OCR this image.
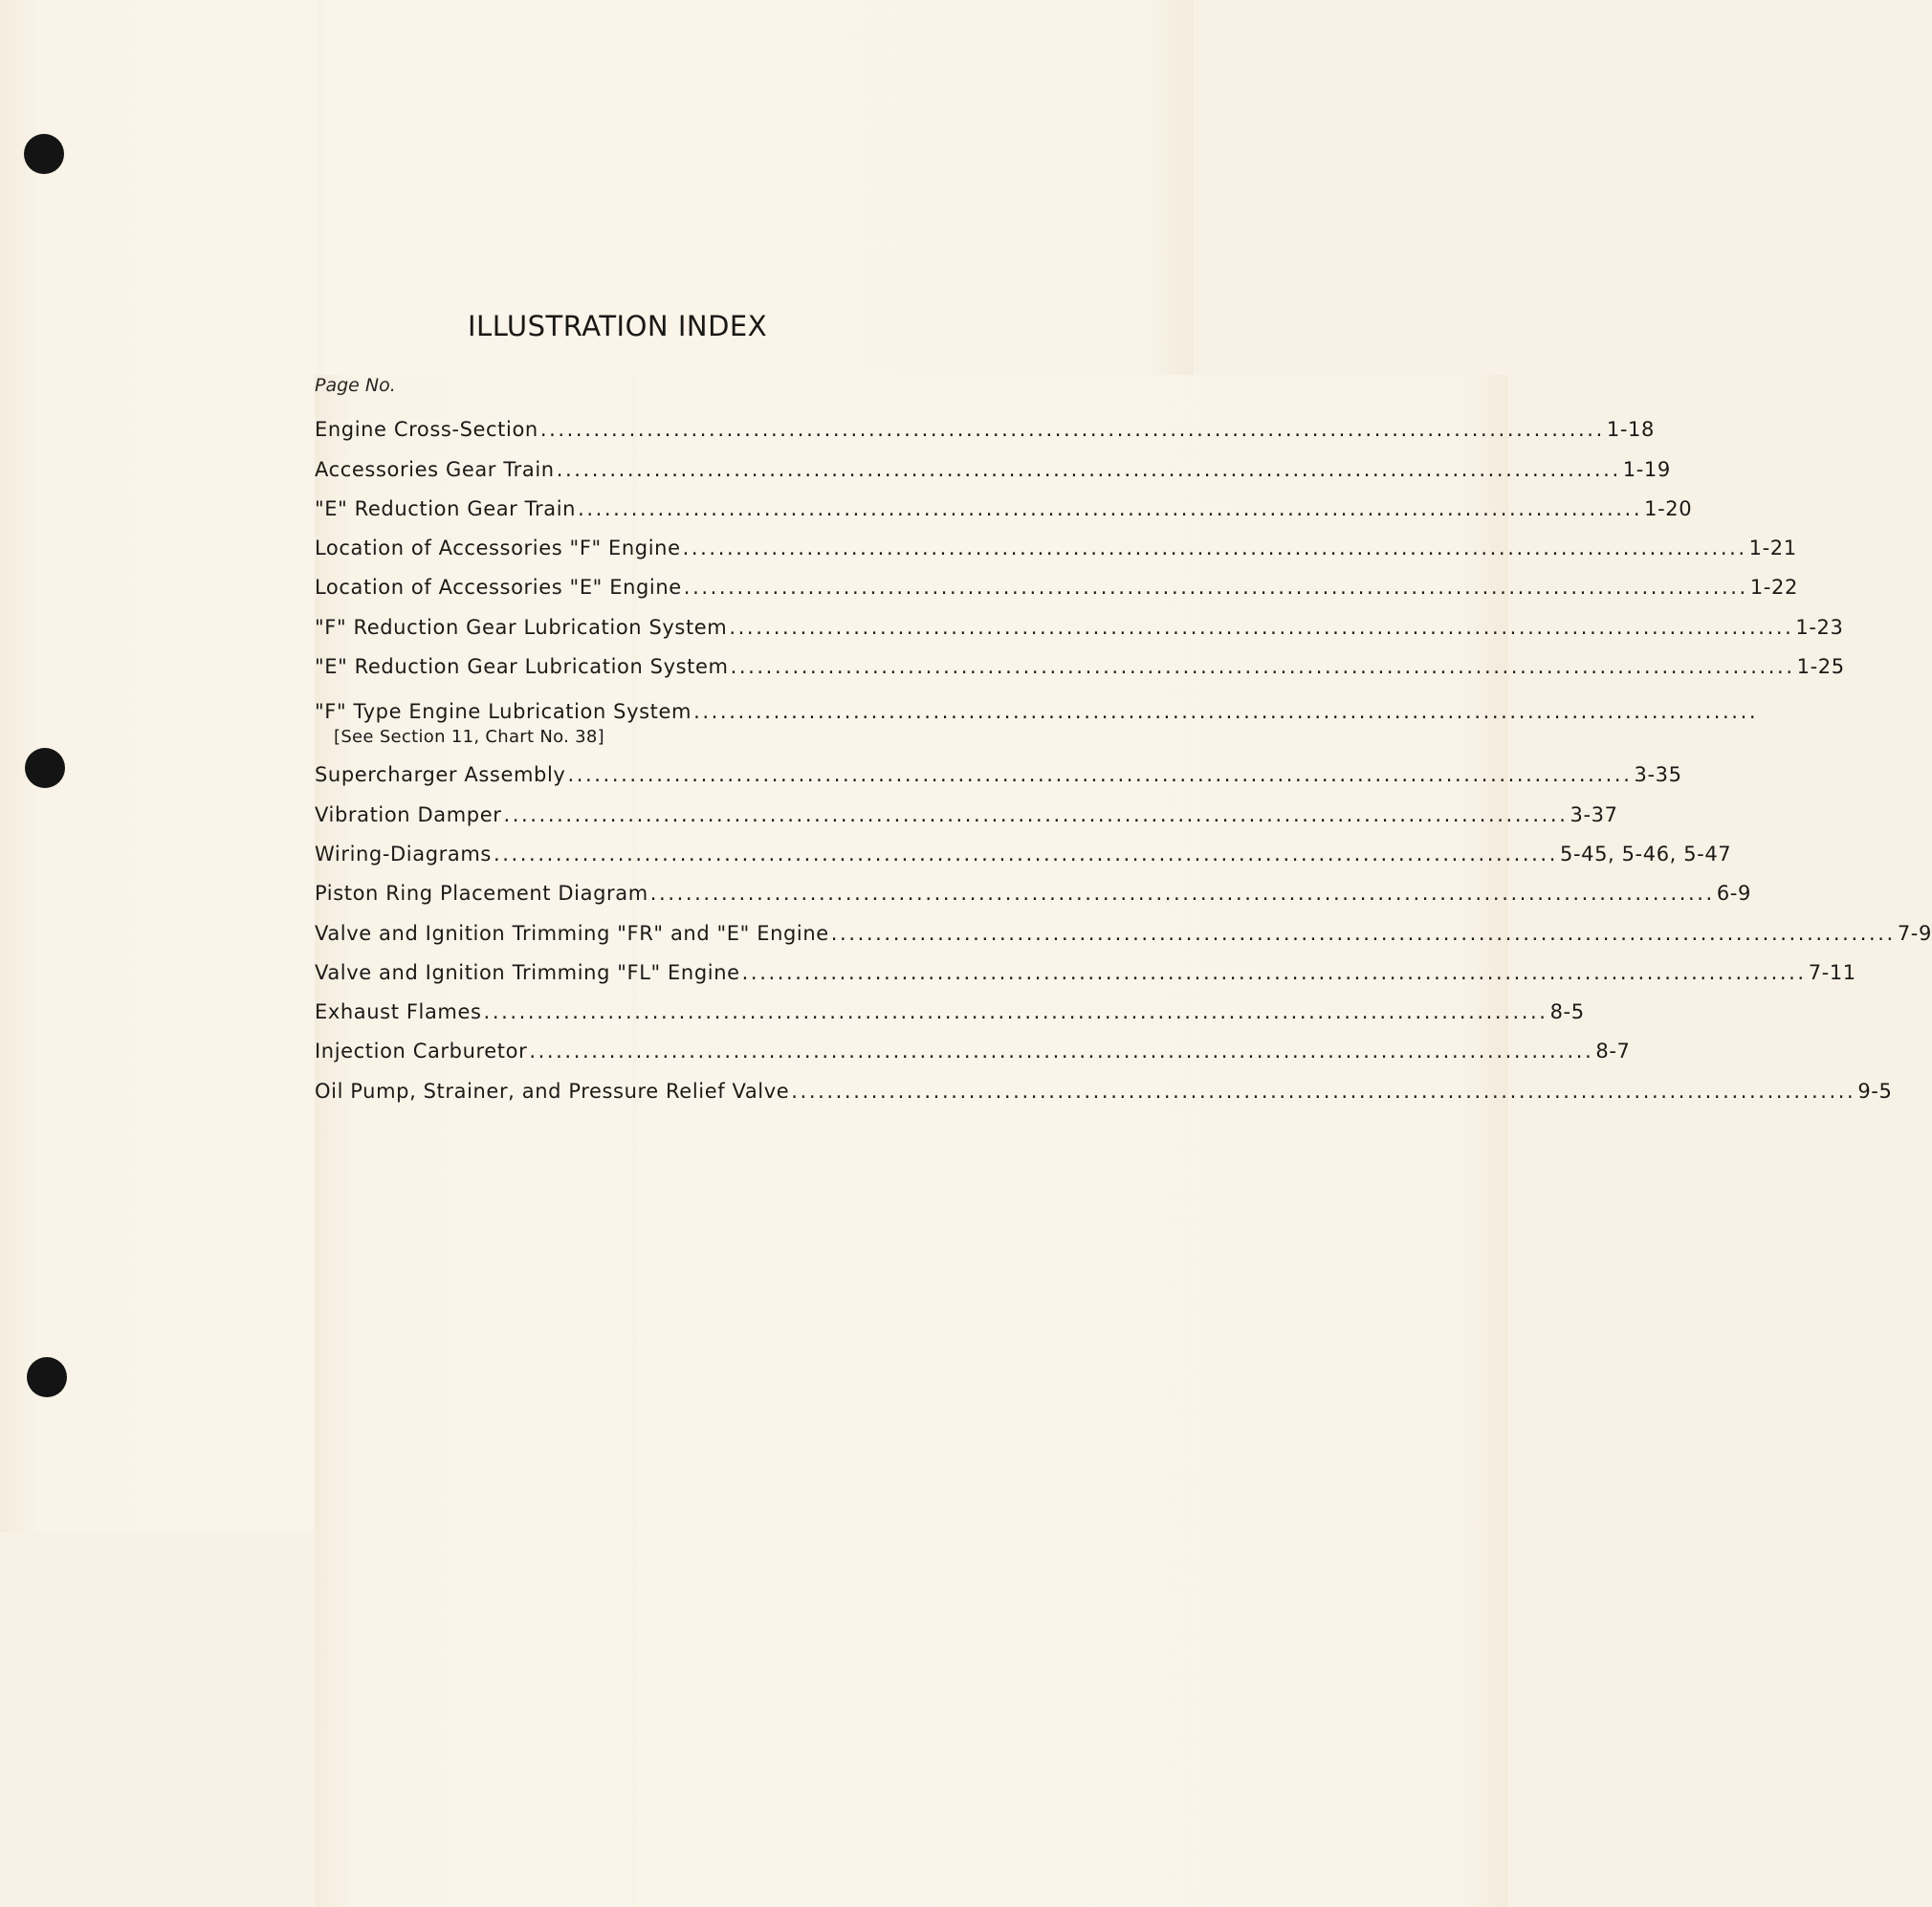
ILLUSTRATION INDEX
Page No.
Engine Cross-Section ........................................................................................................................ 1-18
Accessories Gear Train ........................................................................................................................ 1-19
"E" Reduction Gear Train ........................................................................................................................ 1-20
Location of Accessories "F" Engine ........................................................................................................................ 1-21
Location of Accessories "E" Engine ........................................................................................................................ 1-22
"F" Reduction Gear Lubrication System ........................................................................................................................ 1-23
"E" Reduction Gear Lubrication System ........................................................................................................................ 1-25
"F" Type Engine Lubrication System ........................................................................................................................
[See Section 11, Chart No. 38]
Supercharger Assembly ........................................................................................................................ 3-35
Vibration Damper ........................................................................................................................ 3-37
Wiring-Diagrams ........................................................................................................................ 5-45, 5-46, 5-47
Piston Ring Placement Diagram ........................................................................................................................ 6-9
Valve and Ignition Trimming "FR" and "E" Engine ........................................................................................................................ 7-9
Valve and Ignition Trimming "FL" Engine ........................................................................................................................ 7-11
Exhaust Flames ........................................................................................................................ 8-5
Injection Carburetor ........................................................................................................................ 8-7
Oil Pump, Strainer, and Pressure Relief Valve ........................................................................................................................ 9-5
